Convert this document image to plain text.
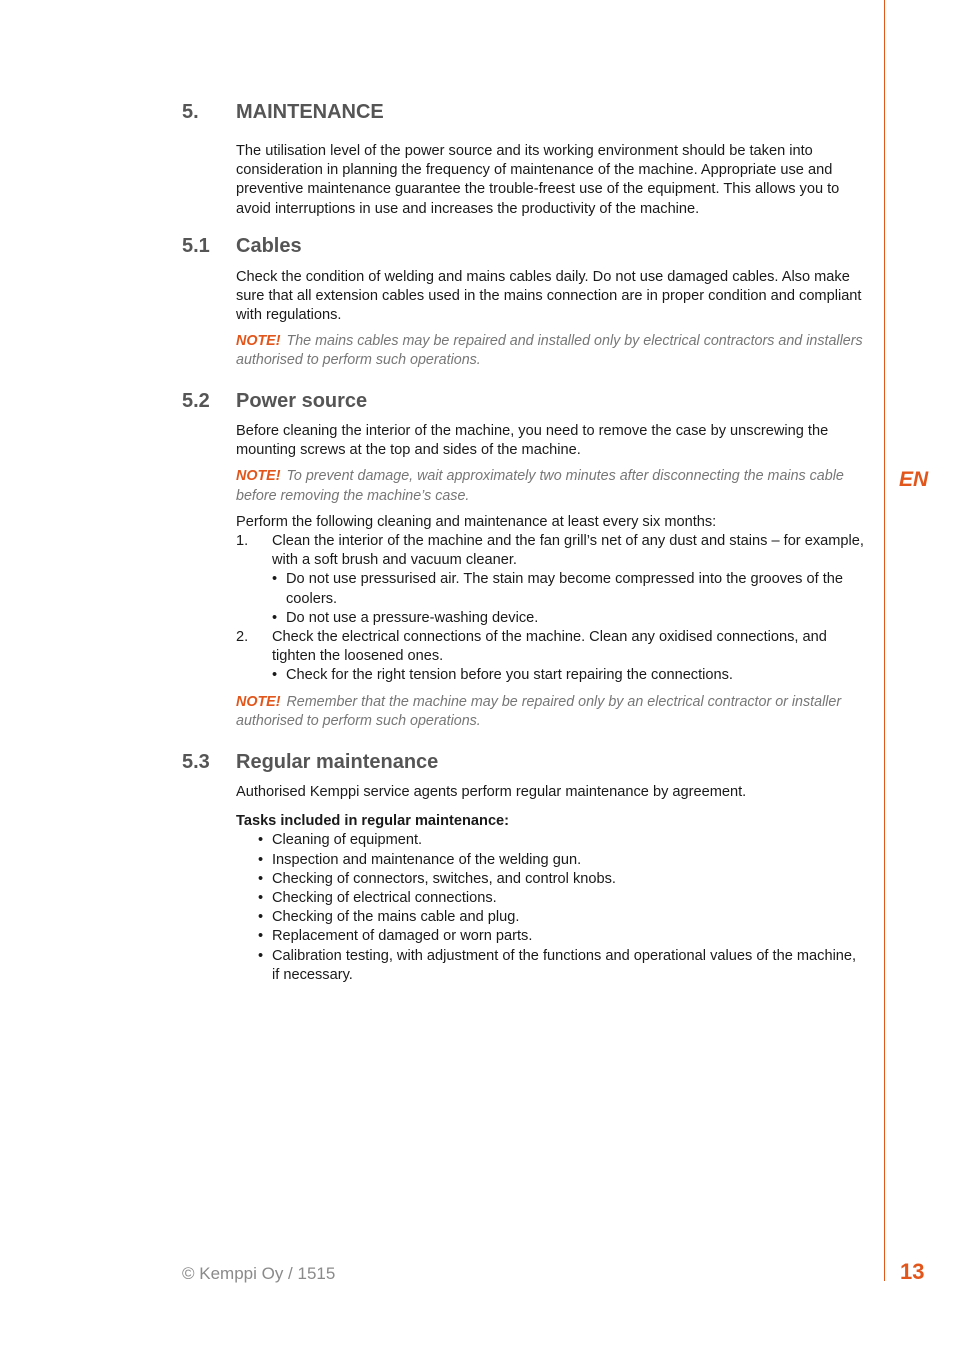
EN
13
© Kemppi Oy / 1515
5. MAINTENANCE

The utilisation level of the power source and its working environment should be taken into consideration in planning the frequency of maintenance of the machine. Appropriate use and preventive maintenance guarantee the trouble-freest use of the equipment. This allows you to avoid interruptions in use and increases the productivity of the machine.

5.1 Cables

Check the condition of welding and mains cables daily. Do not use damaged cables. Also make sure that all extension cables used in the mains connection are in proper condition and compliant with regulations.

NOTE! The mains cables may be repaired and installed only by electrical contractors and installers authorised to perform such operations.

5.2 Power source

Before cleaning the interior of the machine, you need to remove the case by unscrewing the mounting screws at the top and sides of the machine.

NOTE! To prevent damage, wait approximately two minutes after disconnecting the mains cable before removing the machine’s case.

Perform the following cleaning and maintenance at least every six months:

1. Clean the interior of the machine and the fan grill’s net of any dust and stains – for example, with a soft brush and vacuum cleaner.
• Do not use pressurised air. The stain may become compressed into the grooves of the coolers.
• Do not use a pressure-washing device.
2. Check the electrical connections of the machine. Clean any oxidised connections, and tighten the loosened ones.
• Check for the right tension before you start repairing the connections.

NOTE! Remember that the machine may be repaired only by an electrical contractor or installer authorised to perform such operations.

5.3 Regular maintenance

Authorised Kemppi service agents perform regular maintenance by agreement.

Tasks included in regular maintenance:

• Cleaning of equipment.
• Inspection and maintenance of the welding gun.
• Checking of connectors, switches, and control knobs.
• Checking of electrical connections.
• Checking of the mains cable and plug.
• Replacement of damaged or worn parts.
• Calibration testing, with adjustment of the functions and operational values of the machine, if necessary.
